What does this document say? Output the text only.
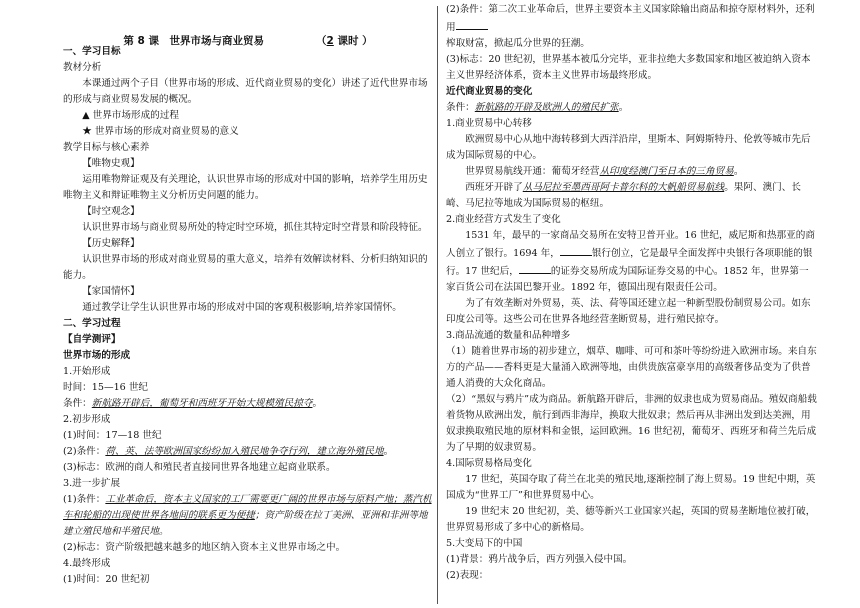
第 8 课　世界市场与商业贸易	（2 课时 ）
一、学习目标
教材分析
本课通过两个子目（世界市场的形成、近代商业贸易的变化）讲述了近代世界市场的形成与商业贸易发展的概况。
▲ 世界市场形成的过程
★ 世界市场的形成对商业贸易的意义
教学目标与核心素养
【唯物史观】
运用唯物辩证观及有关理论，认识世界市场的形成对中国的影响，培养学生用历史唯物主义和辩证唯物主义分析历史问题的能力。
【时空观念】
认识世界市场与商业贸易所处的特定时空环境，抓住其特定时空背景和阶段特征。
【历史解释】
认识世界市场的形成对商业贸易的重大意义，培养有效解读材料、分析归纳知识的能力。
【家国情怀】
通过教学让学生认识世界市场的形成对中国的客观积极影响,培养家国情怀。
二、学习过程
【自学测评】
世界市场的形成
1.开始形成
时间：15—16 世纪
条件：新航路开辟后，葡萄牙和西班牙开始大规模殖民掠夺。
2.初步形成
(1)时间：17—18 世纪
(2)条件：荷、英、法等欧洲国家纷纷加入殖民地争夺行列，建立海外殖民地。
(3)标志：欧洲的商人和殖民者直接同世界各地建立起商业联系。
3.进一步扩展
(1)条件：工业革命后，资本主义国家的工厂需要更广阔的世界市场与原料产地；蒸汽机车和轮船的出现使世界各地间的联系更为便捷；资产阶级在拉丁美洲、亚洲和非洲等地建立殖民地和半殖民地。
(2)标志：资产阶级把越来越多的地区纳入资本主义世界市场之中。
4.最终形成
(1)时间：20 世纪初
(2)条件：第二次工业革命后，世界主要资本主义国家除输出商品和掠夺原材料外，还利用
榨取财富，掀起瓜分世界的狂潮。
(3)标志：20 世纪初，世界基本被瓜分完毕，亚非拉绝大多数国家和地区被迫纳入资本主义世界经济体系，资本主义世界市场最终形成。
近代商业贸易的变化
条件：新航路的开辟及欧洲人的殖民扩张。
1.商业贸易中心转移
欧洲贸易中心从地中海转移到大西洋沿岸，里斯本、阿姆斯特丹、伦敦等城市先后成为国际贸易的中心。
世界贸易航线开通：葡萄牙经营从印度经澳门至日本的三角贸易。
西班牙开辟了从马尼拉至墨西哥阿卡普尔科的大帆船贸易航线。果阿、澳门、长崎、马尼拉等地成为国际贸易的枢纽。
2.商业经营方式发生了变化
1531 年，最早的一家商品交易所在安特卫普开业。16 世纪，威尼斯和热那亚的商人创立了银行。1694 年，	银行创立，它是最早全面发挥中央银行各项职能的银行。17 世纪后，	的证券交易所成为国际证券交易的中心。1852 年，世界第一家百货公司在法国巴黎开业。1892 年，德国出现有限责任公司。
为了有效垄断对外贸易，英、法、荷等国还建立起一种新型股份制贸易公司。如东印度公司等。这些公司在世界各地经营垄断贸易，进行殖民掠夺。
3.商品流通的数量和品种增多
（1）随着世界市场的初步建立，烟草、咖啡、可可和茶叶等纷纷进入欧洲市场。来自东方的产品——香料更是大量涌入欧洲等地，由供贵族富豪享用的高级奢侈品变为了供普通人消费的大众化商品。
（2）“黑奴与鸦片”成为商品。新航路开辟后，非洲的奴隶也成为贸易商品。殖奴商船载着货物从欧洲出发，航行到西非海岸，换取大批奴隶；然后再从非洲出发到达美洲，用奴隶换取殖民地的原材料和金银，运回欧洲。16 世纪初，葡萄牙、西班牙和荷兰先后成为了早期的奴隶贸易。
4.国际贸易格局变化
17 世纪，英国夺取了荷兰在北美的殖民地,逐渐控制了海上贸易。19 世纪中期，英国成为“世界工厂”和世界贸易中心。
19 世纪末 20 世纪初，美、德等新兴工业国家兴起，英国的贸易垄断地位被打破，世界贸易形成了多中心的新格局。
5.大变局下的中国
(1)背景：鸦片战争后，西方列强入侵中国。
(2)表现：
